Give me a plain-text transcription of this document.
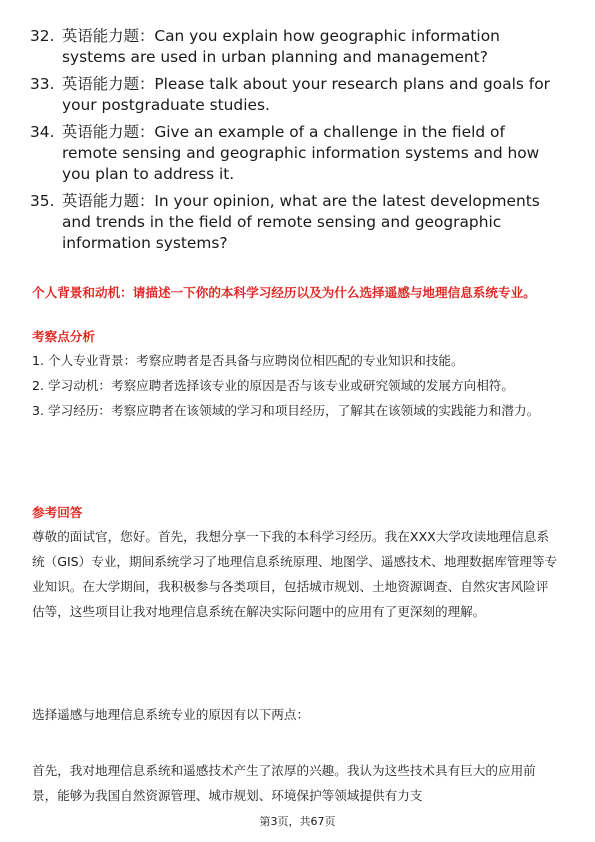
32. 英语能力题：Can you explain how geographic information systems are used in urban planning and management?
33. 英语能力题：Please talk about your research plans and goals for your postgraduate studies.
34. 英语能力题：Give an example of a challenge in the field of remote sensing and geographic information systems and how you plan to address it.
35. 英语能力题：In your opinion, what are the latest developments and trends in the field of remote sensing and geographic information systems?
个人背景和动机：请描述一下你的本科学习经历以及为什么选择遥感与地理信息系统专业。
考察点分析

1. 个人专业背景：考察应聘者是否具备与应聘岗位相匹配的专业知识和技能。

2. 学习动机：考察应聘者选择该专业的原因是否与该专业或研究领域的发展方向相符。

3. 学习经历：考察应聘者在该领域的学习和项目经历，了解其在该领域的实践能力和潜力。

参考回答

尊敬的面试官，您好。首先，我想分享一下我的本科学习经历。我在XXX大学攻读地理信息系统（GIS）专业，期间系统学习了地理信息系统原理、地图学、遥感技术、地理数据库管理等专业知识。在大学期间，我积极参与各类项目，包括城市规划、土地资源调查、自然灾害风险评估等，这些项目让我对地理信息系统在解决实际问题中的应用有了更深刻的理解。

选择遥感与地理信息系统专业的原因有以下两点：

首先，我对地理信息系统和遥感技术产生了浓厚的兴趣。我认为这些技术具有巨大的应用前景，能够为我国自然资源管理、城市规划、环境保护等领域提供有力支

第3页，共67页
